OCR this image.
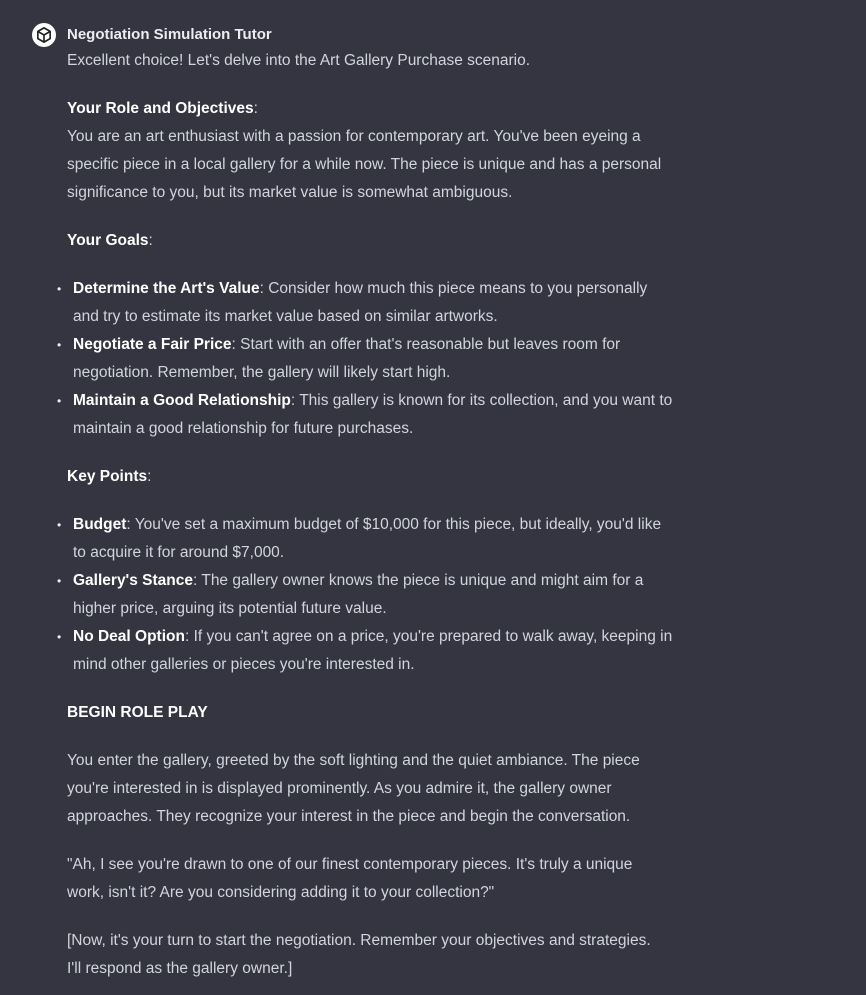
Negotiation Simulation Tutor
Excellent choice! Let's delve into the Art Gallery Purchase scenario.
Your Role and Objectives:
You are an art enthusiast with a passion for contemporary art. You've been eyeing a
specific piece in a local gallery for a while now. The piece is unique and has a personal
significance to you, but its market value is somewhat ambiguous.
Your Goals:
• Determine the Art's Value: Consider how much this piece means to you personally
and try to estimate its market value based on similar artworks.
• Negotiate a Fair Price: Start with an offer that's reasonable but leaves room for
negotiation. Remember, the gallery will likely start high.
• Maintain a Good Relationship: This gallery is known for its collection, and you want to
maintain a good relationship for future purchases.
Key Points:
• Budget: You've set a maximum budget of $10,000 for this piece, but ideally, you'd like
to acquire it for around $7,000.
• Gallery's Stance: The gallery owner knows the piece is unique and might aim for a
higher price, arguing its potential future value.
• No Deal Option: If you can't agree on a price, you're prepared to walk away, keeping in
mind other galleries or pieces you're interested in.
BEGIN ROLE PLAY
You enter the gallery, greeted by the soft lighting and the quiet ambiance. The piece
you're interested in is displayed prominently. As you admire it, the gallery owner
approaches. They recognize your interest in the piece and begin the conversation.
"Ah, I see you're drawn to one of our finest contemporary pieces. It's truly a unique
work, isn't it? Are you considering adding it to your collection?"
[Now, it's your turn to start the negotiation. Remember your objectives and strategies.
I'll respond as the gallery owner.]
